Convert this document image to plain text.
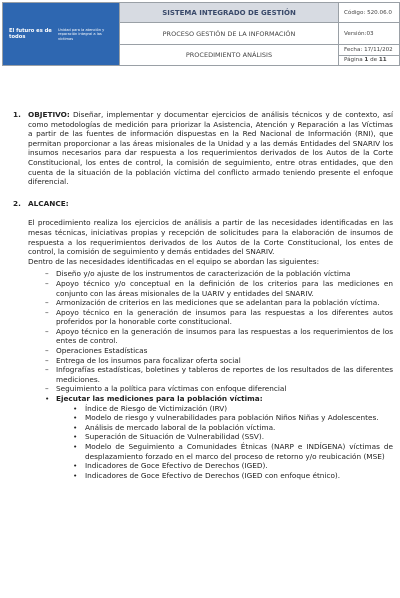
El futuro es de todos
Unidad para la atención y reparación integral a las víctimas
SISTEMA INTEGRADO DE GESTIÓN
PROCESO GESTIÓN DE LA INFORMACIÓN
PROCEDIMIENTO ANÁLISIS
Código: 520.06.0
Versión:03
Fecha: 17/11/202
Página 1 de 11
1. OBJETIVO: Diseñar, implementar y documentar ejercicios de análisis técnicos y de contexto, así como metodologías de medición para priorizar la Asistencia, Atención y Reparación a las Víctimas a partir de las fuentes de información dispuestas en la Red Nacional de Información (RNI), que permitan proporcionar a las áreas misionales de la Unidad y a las demás Entidades del SNARIV los insumos necesarios para dar respuesta a los requerimientos derivados de los Autos de la Corte Constitucional, los entes de control, la comisión de seguimiento, entre otras entidades, que den cuenta de la situación de la población víctima del conflicto armado teniendo presente el enfoque diferencial.
2. ALCANCE:
El procedimiento realiza los ejercicios de análisis a partir de las necesidades identificadas en las mesas técnicas, iniciativas propias y recepción de solicitudes para la elaboración de insumos de respuesta a los requerimientos derivados de los Autos de la Corte Constitucional, los entes de control, la comisión de seguimiento y demás entidades del SNARIV.
Dentro de las necesidades identificadas en el equipo se abordan las siguientes:
– Diseño y/o ajuste de los instrumentos de caracterización de la población víctima
– Apoyo técnico y/o conceptual en la definición de los criterios para las mediciones en conjunto con las áreas misionales de la UARIV y entidades del SNARIV.
– Armonización de criterios en las mediciones que se adelantan para la población víctima.
– Apoyo técnico en la generación de insumos para las respuestas a los diferentes autos proferidos por la honorable corte constitucional.
– Apoyo técnico en la generación de insumos para las respuestas a los requerimientos de los entes de control.
– Operaciones Estadísticas
– Entrega de los insumos para focalizar oferta social
– Infografías estadísticas, boletines y tableros de reportes de los resultados de las diferentes mediciones.
– Seguimiento a la política para víctimas con enfoque diferencial
• Ejecutar las mediciones para la población víctima:
• Índice de Riesgo de Victimización (IRV)
• Modelo de riesgo y vulnerabilidades para población Niños Niñas y Adolescentes.
• Análisis de mercado laboral de la población víctima.
• Superación de Situación de Vulnerabilidad (SSV).
• Modelo de Seguimiento a Comunidades Étnicas (NARP e INDÍGENA) víctimas de desplazamiento forzado en el marco del proceso de retorno y/o reubicación (MSE)
• Indicadores de Goce Efectivo de Derechos (IGED).
• Indicadores de Goce Efectivo de Derechos (IGED con enfoque étnico).
